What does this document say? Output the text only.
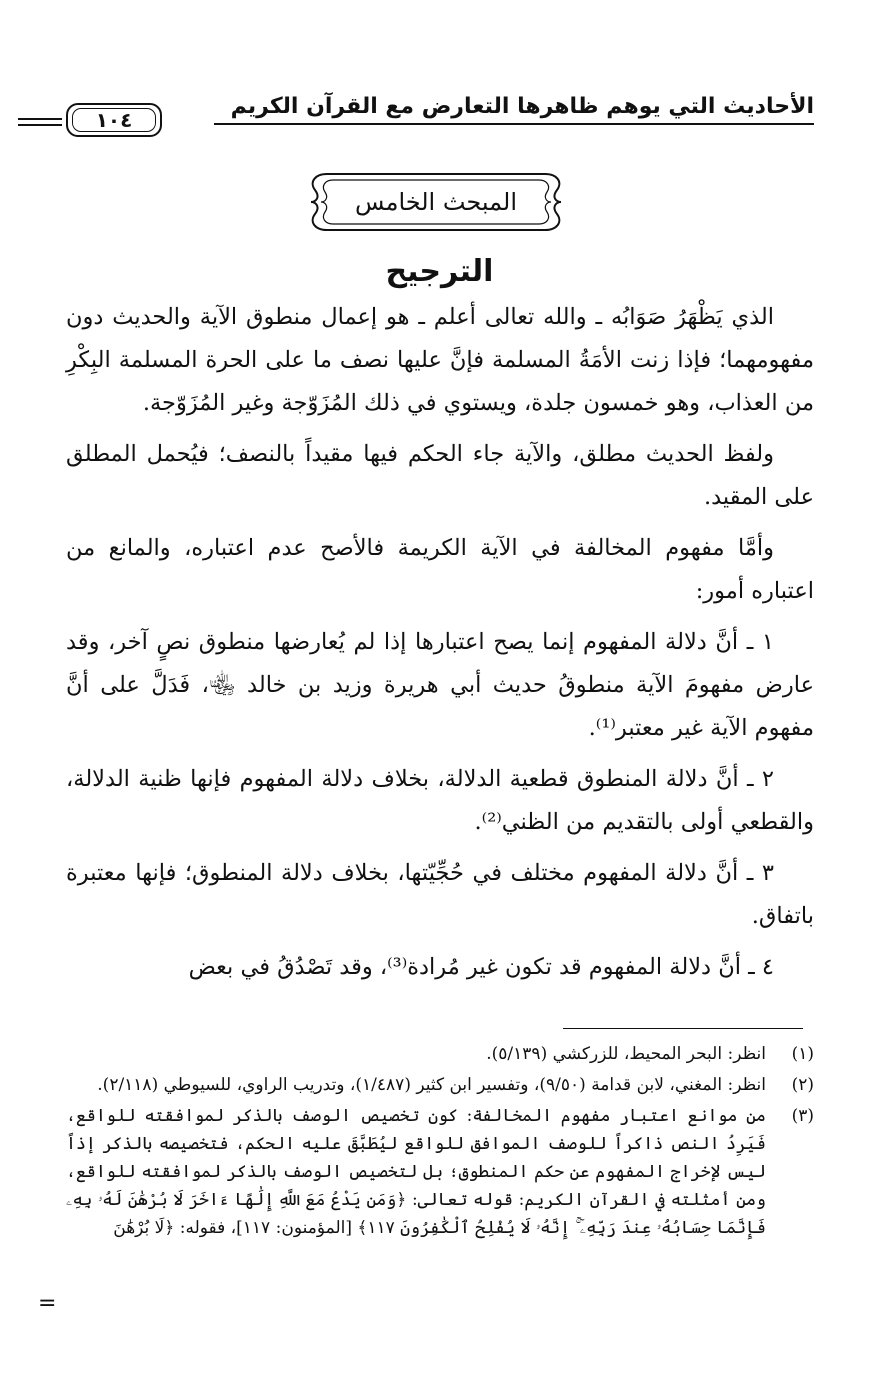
الأحاديث التي يوهم ظاهرها التعارض مع القرآن الكريم
١٠٤
المبحث الخامس
الترجيح

الذي يَظْهَرُ صَوَابُه ـ والله تعالى أعلم ـ هو إعمال منطوق الآية والحديث دون مفهومهما؛ فإذا زنت الأمَةُ المسلمة فإنَّ عليها نصف ما على الحرة المسلمة البِكْرِ من العذاب، وهو خمسون جلدة، ويستوي في ذلك المُزَوّجة وغير المُزَوّجة.

ولفظ الحديث مطلق، والآية جاء الحكم فيها مقيداً بالنصف؛ فيُحمل المطلق على المقيد.

وأمَّا مفهوم المخالفة في الآية الكريمة فالأصح عدم اعتباره، والمانع من اعتباره أمور:

١ ـ أنَّ دلالة المفهوم إنما يصح اعتبارها إذا لم يُعارضها منطوق نصٍ آخر، وقد عارض مفهومَ الآية منطوقُ حديث أبي هريرة وزيد بن خالد ﵄، فَدَلَّ على أنَّ مفهوم الآية غير معتبر⁽¹⁾.

٢ ـ أنَّ دلالة المنطوق قطعية الدلالة، بخلاف دلالة المفهوم فإنها ظنية الدلالة، والقطعي أولى بالتقديم من الظني⁽²⁾.

٣ ـ أنَّ دلالة المفهوم مختلف في حُجِّيّتها، بخلاف دلالة المنطوق؛ فإنها معتبرة باتفاق.

٤ ـ أنَّ دلالة المفهوم قد تكون غير مُرادة⁽³⁾، وقد تَصْدُقُ في بعض

(١)
انظر: البحر المحيط، للزركشي (٥/١٣٩).
(٢)
انظر: المغني، لابن قدامة (٩/٥٠)، وتفسير ابن كثير (١/٤٨٧)، وتدريب الراوي، للسيوطي (٢/١١٨).
(٣)
من موانع اعتبار مفهوم المخالفة: كون تخصيص الوصف بالذكر لموافقته للواقع، فَيَرِدُ النص ذاكراً للوصف الموافق للواقع ليُطَبَّقَ عليه الحكم، فتخصيصه بالذكر إذاً ليس لإخراج المفهوم عن حكم المنطوق؛ بل لتخصيص الوصف بالذكر لموافقته للواقع، ومن أمثلته في القرآن الكريم: قوله تعالى: ﴿وَمَن يَدْعُ مَعَ اللَّهِ إِلَٰهًا ءَاخَرَ لَا بُرْهَٰنَ لَهُۥ بِهِۦ فَإِنَّمَا حِسَابُهُۥ عِندَ رَبِّهِۦٓ ۚ إِنَّهُۥ لَا يُفْلِحُ ٱلْكَٰفِرُونَ ١١٧﴾ [المؤمنون: ١١٧]، فقوله: ﴿لَا بُرْهَٰنَ
=
